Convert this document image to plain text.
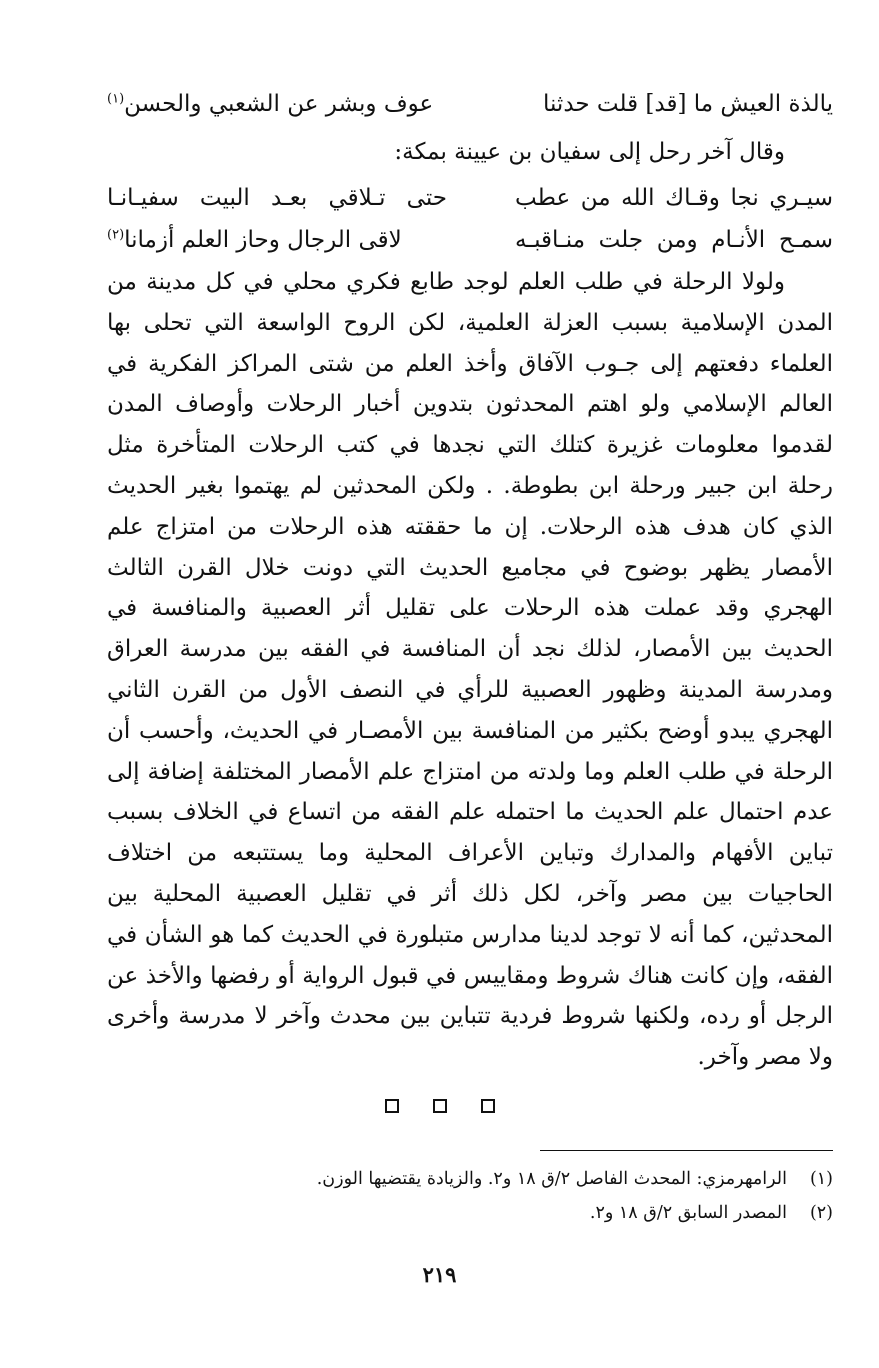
يالذة العيش ما [قد] قلت حدثنا
عوف وبشر عن الشعبي والحسن$^{(١)}$
وقال آخر رحل إلى سفيان بن عيينة بمكة:
سيـري نجا وقـاك الله من عطب
حتى تـلاقي بعـد البيت سفيـانـا
سمـح الأنـام ومن جلت منـاقبـه
لاقى الرجال وحاز العلم أزمانا$^{(٢)}$
ولولا الرحلة في طلب العلم لوجد طابع فكري محلي في كل مدينة من المدن الإسلامية بسبب العزلة العلمية، لكن الروح الواسعة التي تحلى بها العلماء دفعتهم إلى جـوب الآفاق وأخذ العلم من شتى المراكز الفكرية في العالم الإسلامي ولو اهتم المحدثون بتدوين أخبار الرحلات وأوصاف المدن لقدموا معلومات غزيرة كتلك التي نجدها في كتب الرحلات المتأخرة مثل رحلة ابن جبير ورحلة ابن بطوطة. . ولكن المحدثين لم يهتموا بغير الحديث الذي كان هدف هذه الرحلات. إن ما حققته هذه الرحلات من امتزاج علم الأمصار يظهر بوضوح في مجاميع الحديث التي دونت خلال القرن الثالث الهجري وقد عملت هذه الرحلات على تقليل أثر العصبية والمنافسة في الحديث بين الأمصار، لذلك نجد أن المنافسة في الفقه بين مدرسة العراق ومدرسة المدينة وظهور العصبية للرأي في النصف الأول من القرن الثاني الهجري يبدو أوضح بكثير من المنافسة بين الأمصـار في الحديث، وأحسب أن الرحلة في طلب العلم وما ولدته من امتزاج علم الأمصار المختلفة إضافة إلى عدم احتمال علم الحديث ما احتمله علم الفقه من اتساع في الخلاف بسبب تباين الأفهام والمدارك وتباين الأعراف المحلية وما يستتبعه من اختلاف الحاجيات بين مصر وآخر، لكل ذلك أثر في تقليل العصبية المحلية بين المحدثين، كما أنه لا توجد لدينا مدارس متبلورة في الحديث كما هو الشأن في الفقه، وإن كانت هناك شروط ومقاييس في قبول الرواية أو رفضها والأخذ عن الرجل أو رده، ولكنها شروط فردية تتباين بين محدث وآخر لا مدرسة وأخرى ولا مصر وآخر.
(١)الرامهرمزي: المحدث الفاصل ٢/ق ١٨ و٢. والزيادة يقتضيها الوزن.
(٢)المصدر السابق ٢/ق ١٨ و٢.
٢١٩
